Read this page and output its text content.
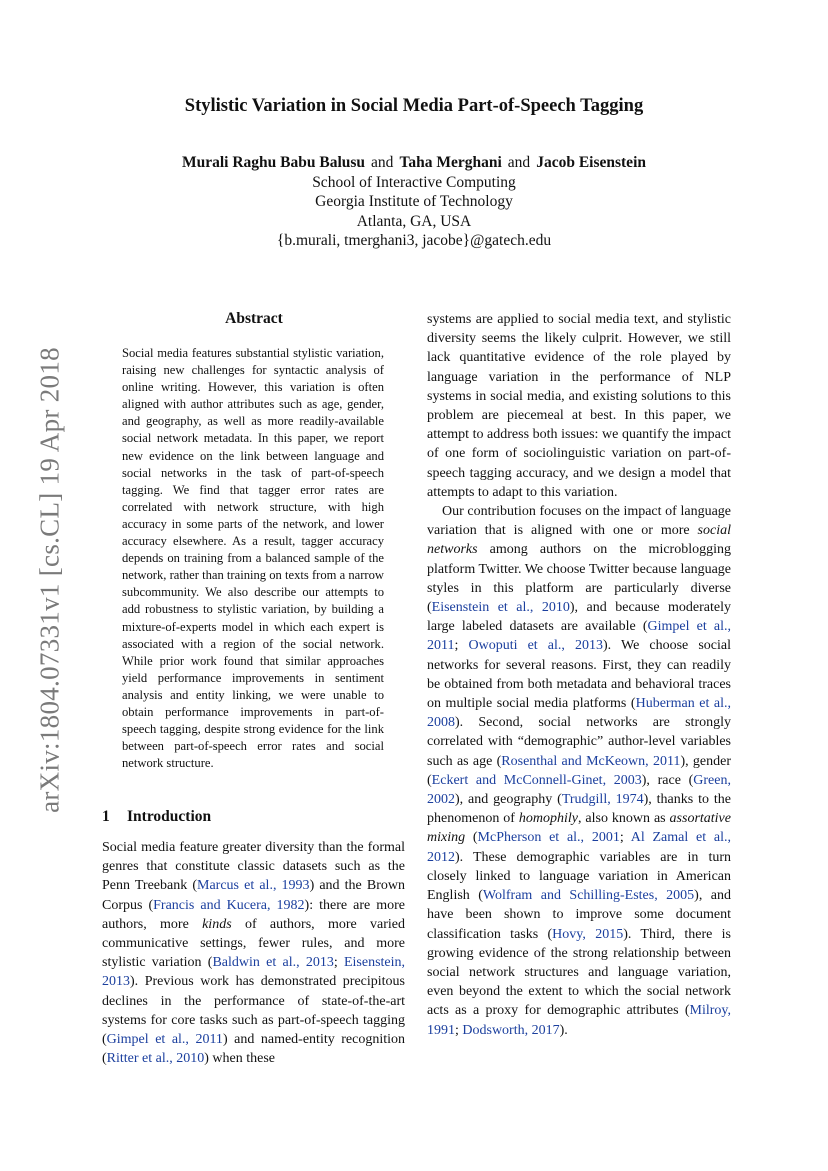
Stylistic Variation in Social Media Part-of-Speech Tagging
Murali Raghu Babu Balusu and Taha Merghani and Jacob Eisenstein
School of Interactive Computing
Georgia Institute of Technology
Atlanta, GA, USA
{b.murali, tmerghani3, jacobe}@gatech.edu
arXiv:1804.07331v1 [cs.CL] 19 Apr 2018
Abstract

Social media features substantial stylistic variation, raising new challenges for syntactic analysis of online writing. However, this variation is often aligned with author attributes such as age, gender, and geography, as well as more readily-available social network metadata. In this paper, we report new evidence on the link between language and social networks in the task of part-of-speech tagging. We find that tagger error rates are correlated with network structure, with high accuracy in some parts of the network, and lower accuracy elsewhere. As a result, tagger accuracy depends on training from a balanced sample of the network, rather than training on texts from a narrow subcommunity. We also describe our attempts to add robustness to stylistic variation, by building a mixture-of-experts model in which each expert is associated with a region of the social network. While prior work found that similar approaches yield performance improvements in sentiment analysis and entity linking, we were unable to obtain performance improvements in part-of-speech tagging, despite strong evidence for the link between part-of-speech error rates and social network structure.

1 Introduction

Social media feature greater diversity than the formal genres that constitute classic datasets such as the Penn Treebank (Marcus et al., 1993) and the Brown Corpus (Francis and Kucera, 1982): there are more authors, more kinds of authors, more varied communicative settings, fewer rules, and more stylistic variation (Baldwin et al., 2013; Eisenstein, 2013). Previous work has demonstrated precipitous declines in the performance of state-of-the-art systems for core tasks such as part-of-speech tagging (Gimpel et al., 2011) and named-entity recognition (Ritter et al., 2010) when these

systems are applied to social media text, and stylistic diversity seems the likely culprit. However, we still lack quantitative evidence of the role played by language variation in the performance of NLP systems in social media, and existing solutions to this problem are piecemeal at best. In this paper, we attempt to address both issues: we quantify the impact of one form of sociolinguistic variation on part-of-speech tagging accuracy, and we design a model that attempts to adapt to this variation.

Our contribution focuses on the impact of language variation that is aligned with one or more social networks among authors on the microblogging platform Twitter. We choose Twitter because language styles in this platform are particularly diverse (Eisenstein et al., 2010), and because moderately large labeled datasets are available (Gimpel et al., 2011; Owoputi et al., 2013). We choose social networks for several reasons. First, they can readily be obtained from both metadata and behavioral traces on multiple social media platforms (Huberman et al., 2008). Second, social networks are strongly correlated with “demographic” author-level variables such as age (Rosenthal and McKeown, 2011), gender (Eckert and McConnell-Ginet, 2003), race (Green, 2002), and geography (Trudgill, 1974), thanks to the phenomenon of homophily, also known as assortative mixing (McPherson et al., 2001; Al Zamal et al., 2012). These demographic variables are in turn closely linked to language variation in American English (Wolfram and Schilling-Estes, 2005), and have been shown to improve some document classification tasks (Hovy, 2015). Third, there is growing evidence of the strong relationship between social network structures and language variation, even beyond the extent to which the social network acts as a proxy for demographic attributes (Milroy, 1991; Dodsworth, 2017).
